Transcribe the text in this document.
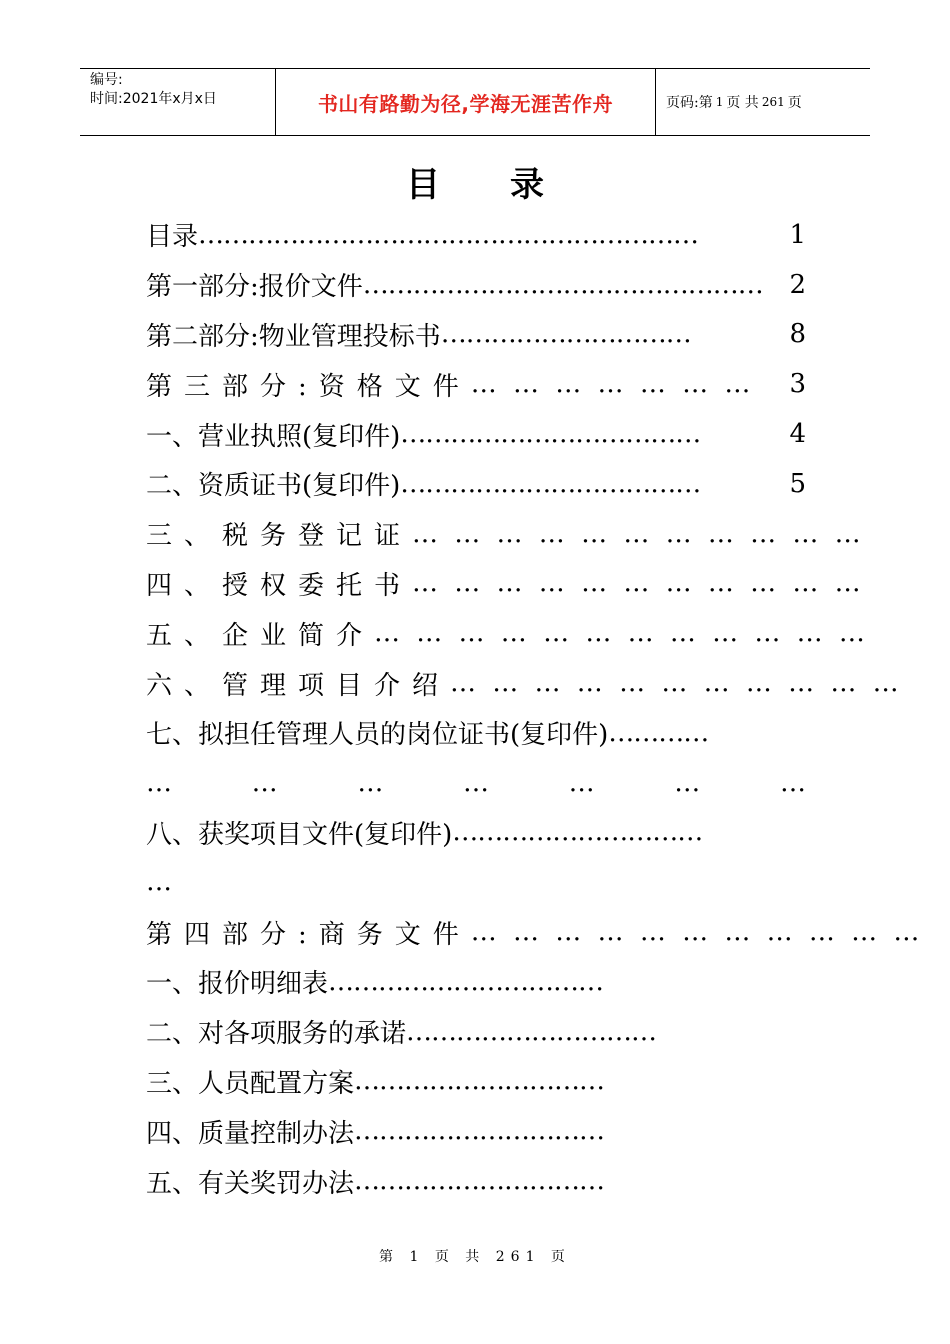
编号:
时间:2021年x月x日	书山有路勤为径,学海无涯苦作舟	页码:第 1 页 共 261 页
目录
目录 ……………………………………………………	1
第一部分:报价文件 …………………………………………	2
第二部分:物业管理投标书 …………………………	8
第三部分:资格文件 … … … … … … …	3
一、营业执照(复印件) ………………………………	4
二、资质证书(复印件) ………………………………	5
三、税务登记证 … … … … … … … … … … …
四、授权委托书 … … … … … … … … … … …
五、企业简介 … … … … … … … … … … … …
六、管理项目介绍 … … … … … … … … … … …
七、拟担任管理人员的岗位证书(复印件) …………
…	…	…	…	…	…	…
八、获奖项目文件(复印件) …………………………
…
第四部分:商务文件 … … … … … … … … … … …
一、报价明细表 ……………………………
二、对各项服务的承诺 …………………………
三、人员配置方案 …………………………
四、质量控制办法 …………………………
五、有关奖罚办法 …………………………
第 1 页 共 261 页
